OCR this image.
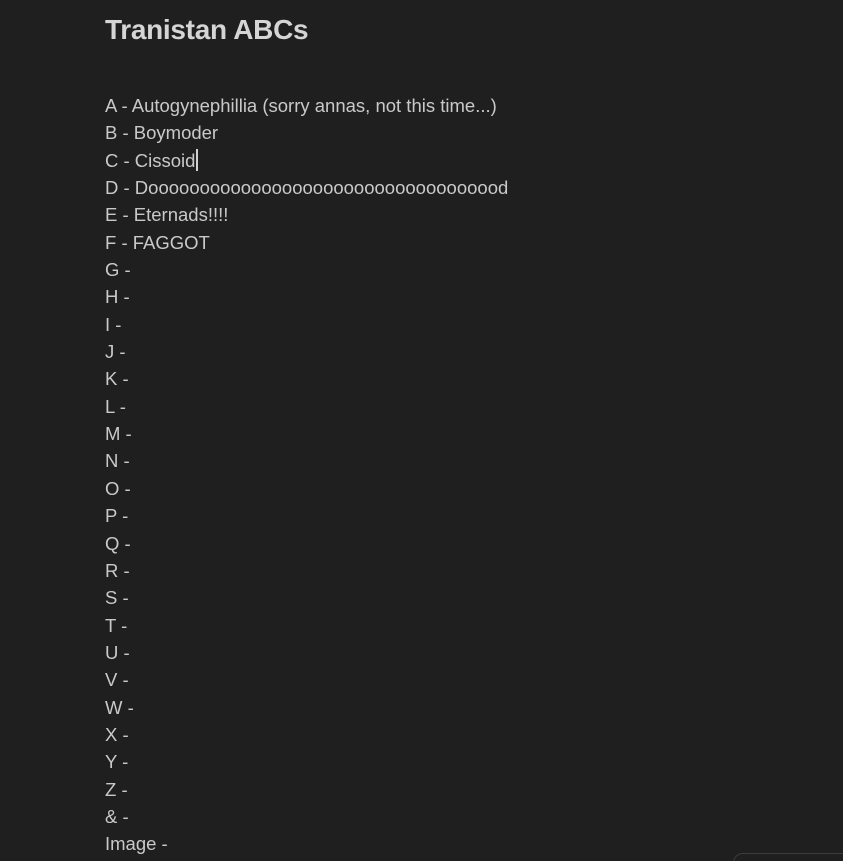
Tranistan ABCs
A - Autogynephillia (sorry annas, not this time...)
B - Boymoder
C - Cissoid
D - Dooooooooooooooooooooooooooooooooood
E - Eternads!!!!
F - FAGGOT
G -
H -
I -
J -
K -
L -
M -
N -
O -
P -
Q -
R -
S -
T -
U -
V -
W -
X -
Y -
Z -
& -
Image -
